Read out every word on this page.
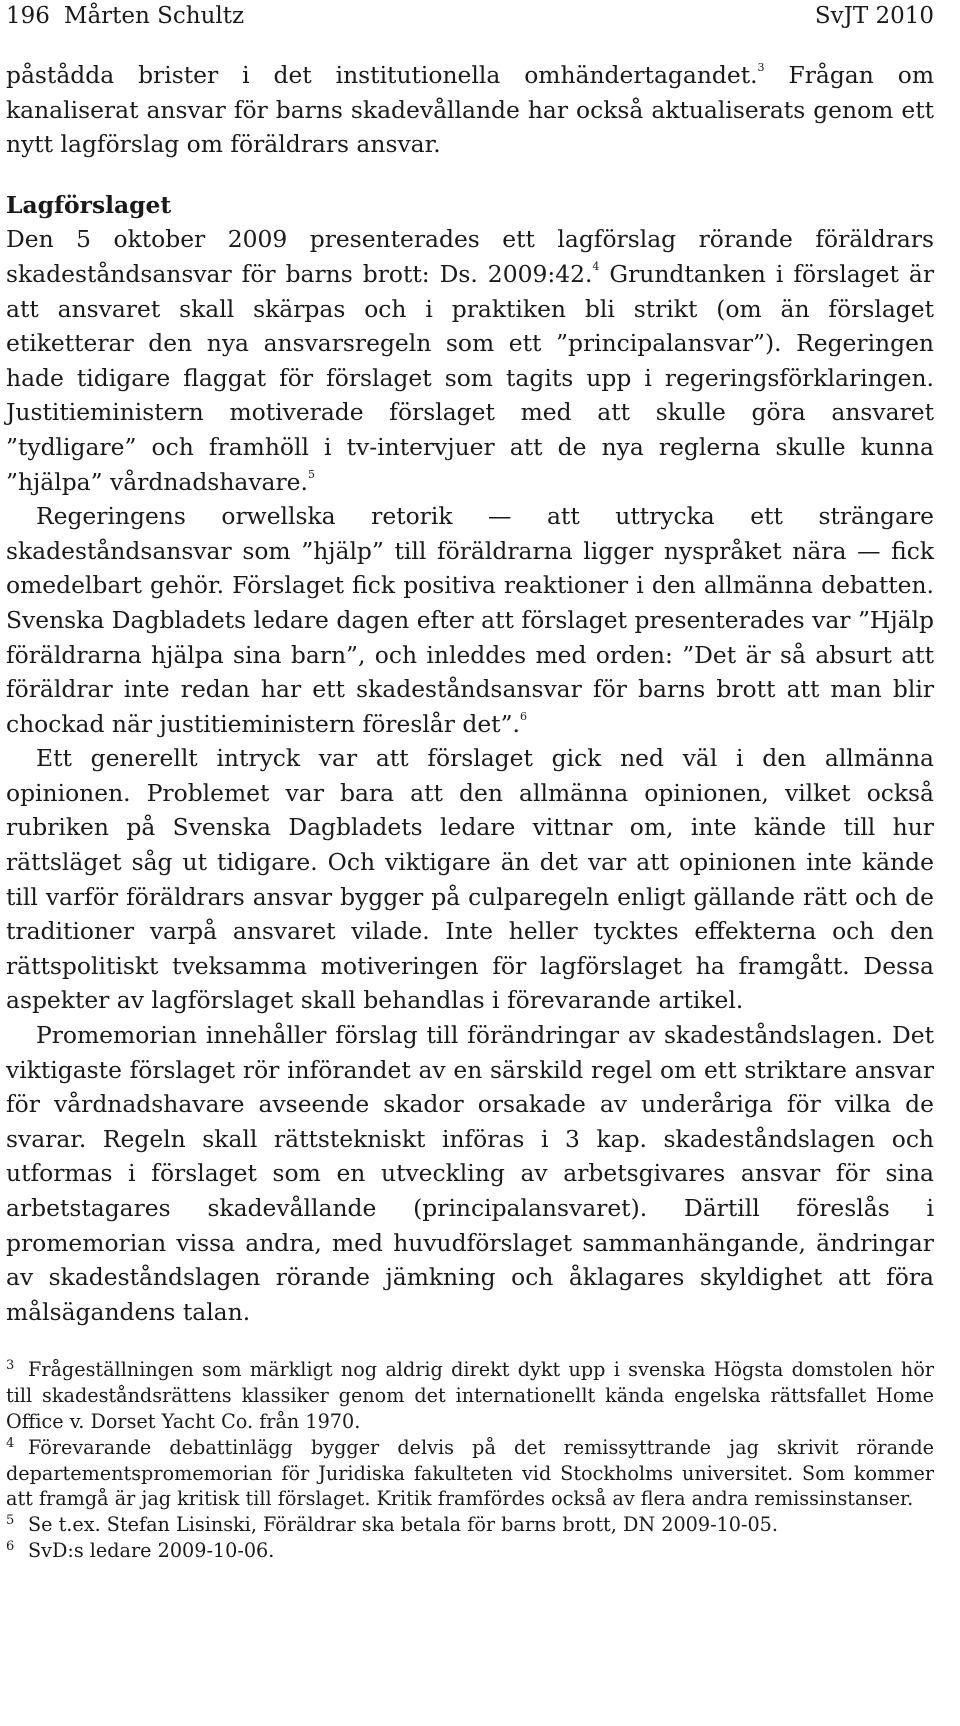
196 Mårten Schultz	SvJT 2010

påstådda brister i det institutionella omhändertagandet.$^3$ Frågan om kanaliserat ansvar för barns skadevållande har också aktualiserats genom ett nytt lagförslag om föräldrars ansvar.

Lagförslaget

Den 5 oktober 2009 presenterades ett lagförslag rörande föräldrars skadeståndsansvar för barns brott: Ds. 2009:42.$^4$ Grundtanken i förslaget är att ansvaret skall skärpas och i praktiken bli strikt (om än förslaget etiketterar den nya ansvarsregeln som ett ”principalansvar”). Regeringen hade tidigare flaggat för förslaget som tagits upp i regeringsförklaringen. Justitieministern motiverade förslaget med att skulle göra ansvaret ”tydligare” och framhöll i tv-intervjuer att de nya reglerna skulle kunna ”hjälpa” vårdnadshavare.$^5$

Regeringens orwellska retorik — att uttrycka ett strängare skadeståndsansvar som ”hjälp” till föräldrarna ligger nyspråket nära — fick omedelbart gehör. Förslaget fick positiva reaktioner i den allmänna debatten. Svenska Dagbladets ledare dagen efter att förslaget presenterades var ”Hjälp föräldrarna hjälpa sina barn”, och inleddes med orden: ”Det är så absurt att föräldrar inte redan har ett skadeståndsansvar för barns brott att man blir chockad när justitieministern föreslår det”.$^6$

Ett generellt intryck var att förslaget gick ned väl i den allmänna opinionen. Problemet var bara att den allmänna opinionen, vilket också rubriken på Svenska Dagbladets ledare vittnar om, inte kände till hur rättsläget såg ut tidigare. Och viktigare än det var att opinionen inte kände till varför föräldrars ansvar bygger på culparegeln enligt gällande rätt och de traditioner varpå ansvaret vilade. Inte heller tycktes effekterna och den rättspolitiskt tveksamma motiveringen för lagförslaget ha framgått. Dessa aspekter av lagförslaget skall behandlas i förevarande artikel.

Promemorian innehåller förslag till förändringar av skadeståndslagen. Det viktigaste förslaget rör införandet av en särskild regel om ett striktare ansvar för vårdnadshavare avseende skador orsakade av underåriga för vilka de svarar. Regeln skall rättstekniskt införas i 3 kap. skadeståndslagen och utformas i förslaget som en utveckling av arbetsgivares ansvar för sina arbetstagares skadevållande (principalansvaret). Därtill föreslås i promemorian vissa andra, med huvudförslaget sammanhängande, ändringar av skadeståndslagen rörande jämkning och åklagares skyldighet att föra målsägandens talan.

3 Frågeställningen som märkligt nog aldrig direkt dykt upp i svenska Högsta domstolen hör till skadeståndsrättens klassiker genom det internationellt kända engelska rättsfallet Home Office v. Dorset Yacht Co. från 1970.

4 Förevarande debattinlägg bygger delvis på det remissyttrande jag skrivit rörande departementspromemorian för Juridiska fakulteten vid Stockholms universitet. Som kommer att framgå är jag kritisk till förslaget. Kritik framfördes också av flera andra remissinstanser.

5 Se t.ex. Stefan Lisinski, Föräldrar ska betala för barns brott, DN 2009-10-05.

6 SvD:s ledare 2009-10-06.
